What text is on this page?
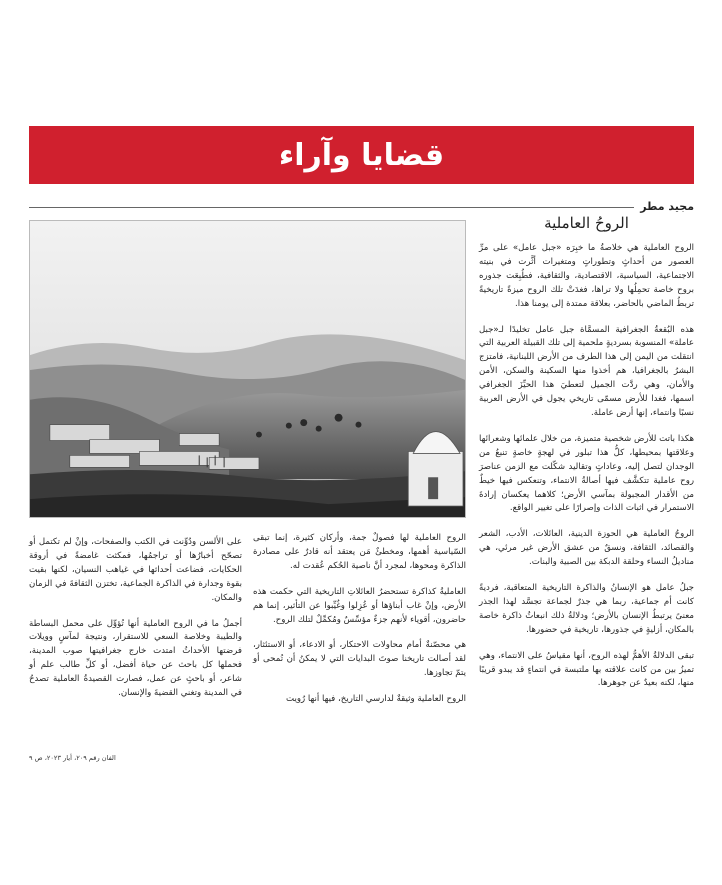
قضايا وآراء
مجيد مطر
الروحُ العاملية

الروح العاملية هي خلاصةُ ما خبِرَه «جبل عامل» على مرِّ العصور من أحداثٍ وتطوراتٍ ومتغيرات أثَّرت في بنيته الاجتماعية، السياسية، الاقتصادية، والثقافية، فطُبِعَت جذوره بروح خاصة تحمِلُها ولا تراها، فغدَتْ تلك الروح ميزةً تاريخيةً تربطُ الماضي بالحاضر، بعلاقة ممتدة إلى يومنا هذا.

هذه البُقعةُ الجغرافية المسمَّاة جبل عامل تخليدًا لـ«جبل عاملة» المنسوبة بسرديةٍ ملحمية إلى تلك القبيلة العربية التي انتقلت من اليمن إلى هذا الطرف من الأرض اللبنانية، فامتزج البشرُ بالجغرافيا، هم أخذوا منها السكينة والسكن، الأمن والأمان، وهي ردَّت الجميل لتعطيَ هذا الحيِّزَ الجغرافي اسمها، فغدا للأرض مسمّى تاريخي يجول في الأرض العربية نسبًا وانتماء، إنها أرض عاملة.

هكذا باتت للأرض شخصية متميزة، من خلال علمائها وشعرائها وعلاقتها بمحيطها، كلُّ هذا تبلور في لهجةٍ خاصةٍ تنبعُ من الوجدان لتصل إليه، وعاداتٍ وتقاليد شكّلت مع الزمن عناصرَ روح عاملية تتكشَّف فيها أصالةُ الانتماء، وتنعكس فيها خيطٌ من الأقدار المجبولة بمآسي الأرض؛ كلاهما يعكسان إرادةَ الاستمرار في اثبات الذات وإصرارًا على تغيير الواقع.

الروحُ العاملية هي الحوزة الدينية، العائلات، الأدب، الشعر والقصائد، الثقافة، ونسقٌ من عشق الأرض غير مرئي، هي مناديلُ النساء وحلقة الدبكة بين الصبية والبنات.

جبلُ عامل هو الإنسانُ والذاكرة التاريخية المتعاقبة، فرديةً كانت أم جماعية، ربما هي جذرٌ لجماعة تجسَّد لهذا الجذر معنىً يرتبطُ الإنسان بالأرض؛ ودلالةُ ذلك انبعاثُ ذاكرة خاصة بالمكان، أزليةٍ في جذورها، تاريخية في حضورها.

تبقى الدلالةُ الأهمُّ لهذه الروح، أنها مقياسُ على الانتماء، وهي تميزُ بين من كانت علاقته بها ملتبسة في انتماءٍ قد يبدو قريبًا منها، لكنه بعيدٌ عن جوهرها.

الروح العاملية لها فصولٌ جمة، وأركان كثيرة، إنما تبقى السّياسية أهمها، ومخطئٌ مَن يعتقد أنه قادرٌ على مصادرة الذاكرة ومحوها، لمجرد أنَّ ناصية الحُكم عُقدت له.

العامليةُ كذاكرة تستحضرُ العائلاتِ التاريخية التي حكمت هذه الأرض، وإنْ غاب أبناؤها أو عُزِلوا وغُيِّبوا عن التأثير، إنما هم حاضرون، أقوياء لأنهم جزءٌ مؤسِّسٌ ومُكمِّلٌ لتلك الروح.

هي محصّنةٌ أمام محاولات الاحتكار، أو الادعاء، أو الاستئثار، لقد أصالت تاريخنا صوتَ البدايات التي لا يمكنُ أن تُمحى أو يتمّ تجاوزها.

الروح العاملية وثيقةٌ لدارسي التاريخ، فيها أنها رُويت

على الألسن ودُوِّنت في الكتب والصفحات، وإنْ لم تكتمل أو تصحّح أخبارُها أو تراجمُها، فمكثت غامضةً في أروقة الحكايات، فضاعت أحداثها في غياهب النسيان، لكنها بقيت بقوة وجدارة في الذاكرة الجماعية، تختزن الثقافةَ في الزمان والمكان.

أجملُ ما في الروح العاملية أنها تُؤوِّل على محمل البساطة والطيبة وخلاصة السعي للاستقرار، ونتيجة لمآسٍ وويلات فرضتها الأحداثُ امتدت خارج جغرافيتها صوب المدينة، فحملها كل باحث عن حياة أفضل، أو كلِّ طالب علم أو شاعر، أو باحثٍ عن عمل، فصارت القصيدةُ العاملية تصدحُ في المدينة وتغني القضيةَ والإنسان.

الفان رقم ٢٠٩، أيار ٢٠٢٣، ص ٩
